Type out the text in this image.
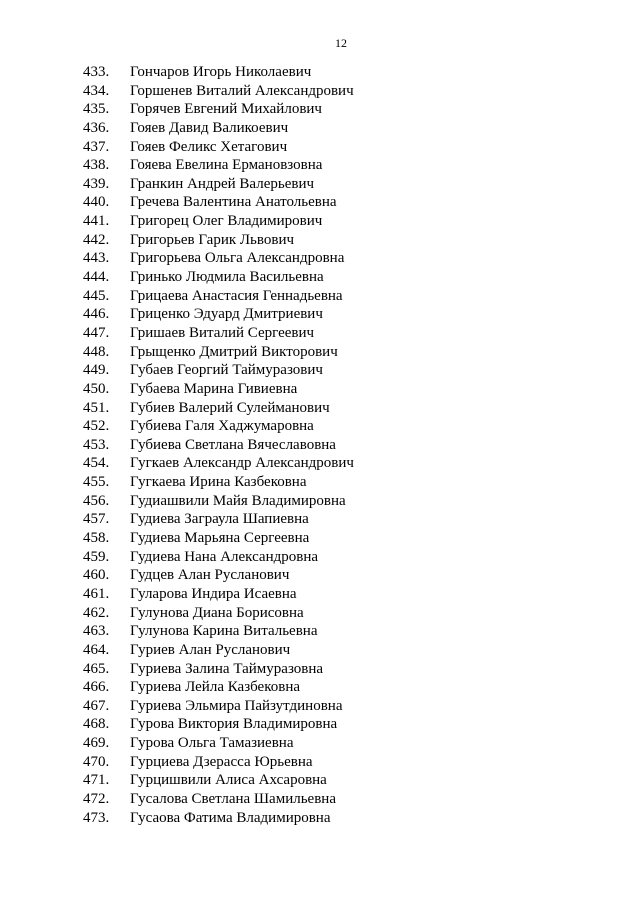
12
433.	Гончаров Игорь Николаевич
434.	Горшенев Виталий Александрович
435.	Горячев Евгений Михайлович
436.	Гояев Давид Валикоевич
437.	Гояев Феликс Хетагович
438.	Гояева Евелина Ермановзовна
439.	Гранкин Андрей Валерьевич
440.	Гречева Валентина Анатольевна
441.	Григорец Олег Владимирович
442.	Григорьев Гарик Львович
443.	Григорьева Ольга Александровна
444.	Гринько Людмила Васильевна
445.	Грицаева Анастасия Геннадьевна
446.	Гриценко Эдуард Дмитриевич
447.	Гришаев Виталий Сергеевич
448.	Грыщенко Дмитрий Викторович
449.	Губаев Георгий Таймуразович
450.	Губаева Марина Гивиевна
451.	Губиев Валерий Сулейманович
452.	Губиева Галя Хаджумаровна
453.	Губиева Светлана Вячеславовна
454.	Гугкаев Александр Александрович
455.	Гугкаева Ирина Казбековна
456.	Гудиашвили Майя Владимировна
457.	Гудиева Заграула Шапиевна
458.	Гудиева Марьяна Сергеевна
459.	Гудиева Нана Александровна
460.	Гудцев Алан Русланович
461.	Гуларова Индира Исаевна
462.	Гулунова Диана Борисовна
463.	Гулунова Карина Витальевна
464.	Гуриев Алан Русланович
465.	Гуриева Залина Таймуразовна
466.	Гуриева Лейла Казбековна
467.	Гуриева Эльмира Пайзутдиновна
468.	Гурова Виктория Владимировна
469.	Гурова Ольга Тамазиевна
470.	Гурциева Дзерасса Юрьевна
471.	Гурцишвили Алиса Ахсаровна
472.	Гусалова Светлана Шамильевна
473.	Гусаова Фатима Владимировна
